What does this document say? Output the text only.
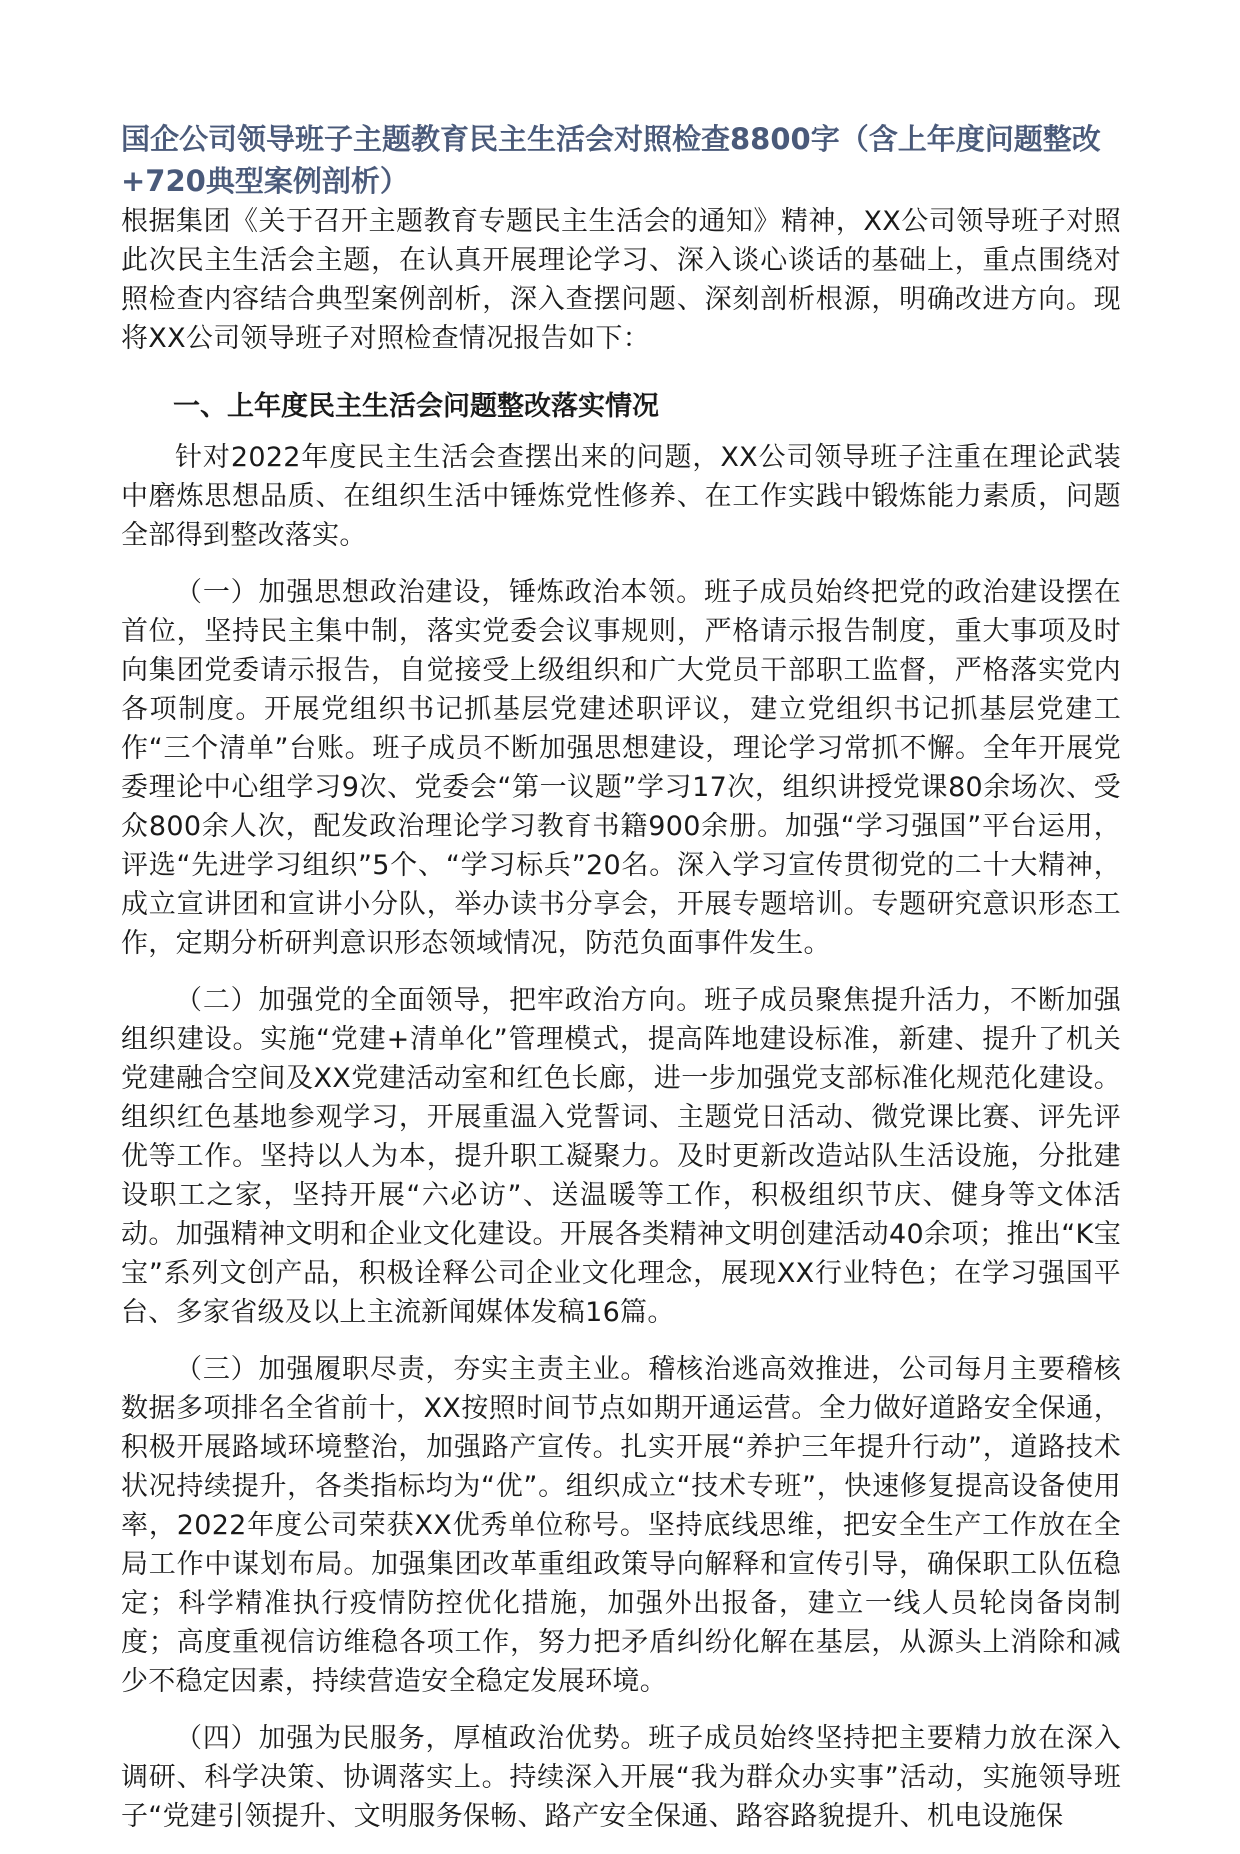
国企公司领导班子主题教育民主生活会对照检查8800字（含上年度问题整改+720典型案例剖析）

根据集团《关于召开主题教育专题民主生活会的通知》精神，XX公司领导班子对照此次民主生活会主题，在认真开展理论学习、深入谈心谈话的基础上，重点围绕对照检查内容结合典型案例剖析，深入查摆问题、深刻剖析根源，明确改进方向。现将XX公司领导班子对照检查情况报告如下：

一、上年度民主生活会问题整改落实情况

针对2022年度民主生活会查摆出来的问题，XX公司领导班子注重在理论武装中磨炼思想品质、在组织生活中锤炼党性修养、在工作实践中锻炼能力素质，问题全部得到整改落实。

（一）加强思想政治建设，锤炼政治本领。班子成员始终把党的政治建设摆在首位，坚持民主集中制，落实党委会议事规则，严格请示报告制度，重大事项及时向集团党委请示报告，自觉接受上级组织和广大党员干部职工监督，严格落实党内各项制度。开展党组织书记抓基层党建述职评议，建立党组织书记抓基层党建工作“三个清单”台账。班子成员不断加强思想建设，理论学习常抓不懈。全年开展党委理论中心组学习9次、党委会“第一议题”学习17次，组织讲授党课80余场次、受众800余人次，配发政治理论学习教育书籍900余册。加强“学习强国”平台运用，评选“先进学习组织”5个、“学习标兵”20名。深入学习宣传贯彻党的二十大精神，成立宣讲团和宣讲小分队，举办读书分享会，开展专题培训。专题研究意识形态工作，定期分析研判意识形态领域情况，防范负面事件发生。

（二）加强党的全面领导，把牢政治方向。班子成员聚焦提升活力，不断加强组织建设。实施“党建+清单化”管理模式，提高阵地建设标准，新建、提升了机关党建融合空间及XX党建活动室和红色长廊，进一步加强党支部标准化规范化建设。组织红色基地参观学习，开展重温入党誓词、主题党日活动、微党课比赛、评先评优等工作。坚持以人为本，提升职工凝聚力。及时更新改造站队生活设施，分批建设职工之家，坚持开展“六必访”、送温暖等工作，积极组织节庆、健身等文体活动。加强精神文明和企业文化建设。开展各类精神文明创建活动40余项；推出“K宝宝”系列文创产品，积极诠释公司企业文化理念，展现XX行业特色；在学习强国平台、多家省级及以上主流新闻媒体发稿16篇。

（三）加强履职尽责，夯实主责主业。稽核治逃高效推进，公司每月主要稽核数据多项排名全省前十，XX按照时间节点如期开通运营。全力做好道路安全保通，积极开展路域环境整治，加强路产宣传。扎实开展“养护三年提升行动”，道路技术状况持续提升，各类指标均为“优”。组织成立“技术专班”，快速修复提高设备使用率，2022年度公司荣获XX优秀单位称号。坚持底线思维，把安全生产工作放在全局工作中谋划布局。加强集团改革重组政策导向解释和宣传引导，确保职工队伍稳定；科学精准执行疫情防控优化措施，加强外出报备，建立一线人员轮岗备岗制度；高度重视信访维稳各项工作，努力把矛盾纠纷化解在基层，从源头上消除和减少不稳定因素，持续营造安全稳定发展环境。

（四）加强为民服务，厚植政治优势。班子成员始终坚持把主要精力放在深入调研、科学决策、协调落实上。持续深入开展“我为群众办实事”活动，实施领导班子“党建引领提升、文明服务保畅、路产安全保通、路容路貌提升、机电设施保
